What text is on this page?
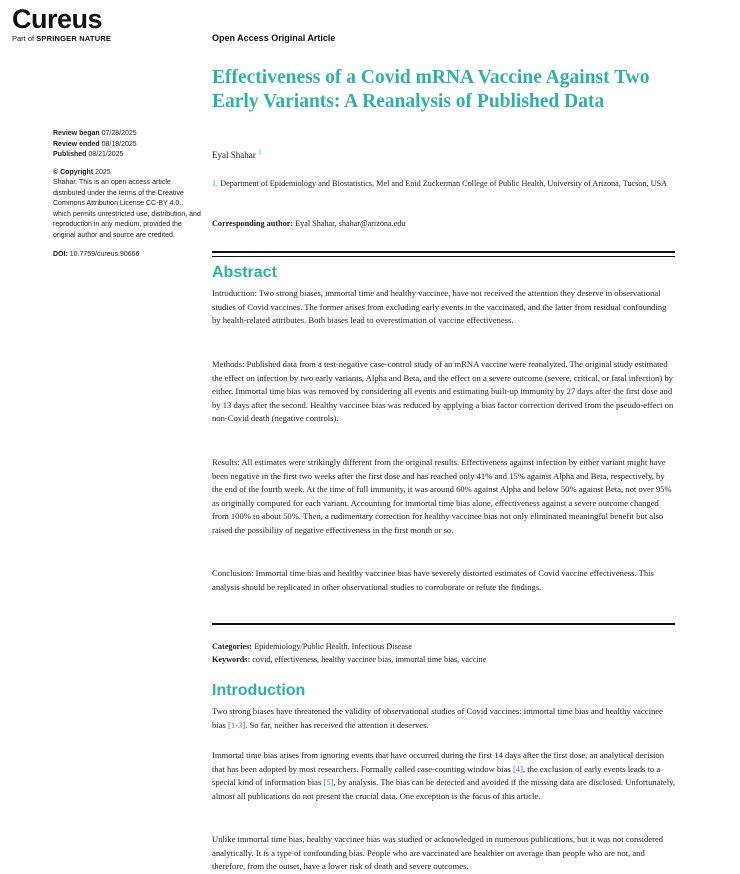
Cureus
Part of SPRINGER NATURE
Review began 07/28/2025
Review ended 08/18/2025
Published 08/21/2025
© Copyright 2025
Shahar. This is an open access article distributed under the terms of the Creative Commons Attribution License CC-BY 4.0., which permits unrestricted use, distribution, and reproduction in any medium, provided the original author and source are credited.
DOI: 10.7759/cureus.90666
Open Access Original Article
Effectiveness of a Covid mRNA Vaccine Against Two Early Variants: A Reanalysis of Published Data
Eyal Shahar $^1$
1. Department of Epidemiology and Biostatistics, Mel and Enid Zuckerman College of Public Health, University of Arizona, Tucson, USA
Corresponding author: Eyal Shahar, shahar@arizona.edu
Abstract

Introduction: Two strong biases, immortal time and healthy vaccinee, have not received the attention they deserve in observational studies of Covid vaccines. The former arises from excluding early events in the vaccinated, and the latter from residual confounding by health-related attributes. Both biases lead to overestimation of vaccine effectiveness.

Methods: Published data from a test-negative case-control study of an mRNA vaccine were reanalyzed. The original study estimated the effect on infection by two early variants, Alpha and Beta, and the effect on a severe outcome (severe, critical, or fatal infection) by either. Immortal time bias was removed by considering all events and estimating built-up immunity by 27 days after the first dose and by 13 days after the second. Healthy vaccinee bias was reduced by applying a bias factor correction derived from the pseudo-effect on non-Covid death (negative controls).

Results: All estimates were strikingly different from the original results. Effectiveness against infection by either variant might have been negative in the first two weeks after the first dose and has reached only 41% and 15% against Alpha and Beta, respectively, by the end of the fourth week. At the time of full immunity, it was around 60% against Alpha and below 50% against Beta, not over 95% as originally computed for each variant. Accounting for immortal time bias alone, effectiveness against a severe outcome changed from 100% to about 50%. Then, a rudimentary correction for healthy vaccinee bias not only eliminated meaningful benefit but also raised the possibility of negative effectiveness in the first month or so.

Conclusion: Immortal time bias and healthy vaccinee bias have severely distorted estimates of Covid vaccine effectiveness. This analysis should be replicated in other observational studies to corroborate or refute the findings.

Categories: Epidemiology/Public Health, Infectious Disease
Keywords: covid, effectiveness, healthy vaccinee bias, immortal time bias, vaccine
Introduction

Two strong biases have threatened the validity of observational studies of Covid vaccines: immortal time bias and healthy vaccinee bias [1-3]. So far, neither has received the attention it deserves.

Immortal time bias arises from ignoring events that have occurred during the first 14 days after the first dose, an analytical decision that has been adopted by most researchers. Formally called case-counting window bias [4], the exclusion of early events leads to a special kind of information bias [5], by analysis. The bias can be detected and avoided if the missing data are disclosed. Unfortunately, almost all publications do not present the crucial data. One exception is the focus of this article.

Unlike immortal time bias, healthy vaccinee bias was studied or acknowledged in numerous publications, but it was not considered analytically. It is a type of confounding bias. People who are vaccinated are healthier on average than people who are not, and therefore, from the outset, have a lower risk of death and severe outcomes.
